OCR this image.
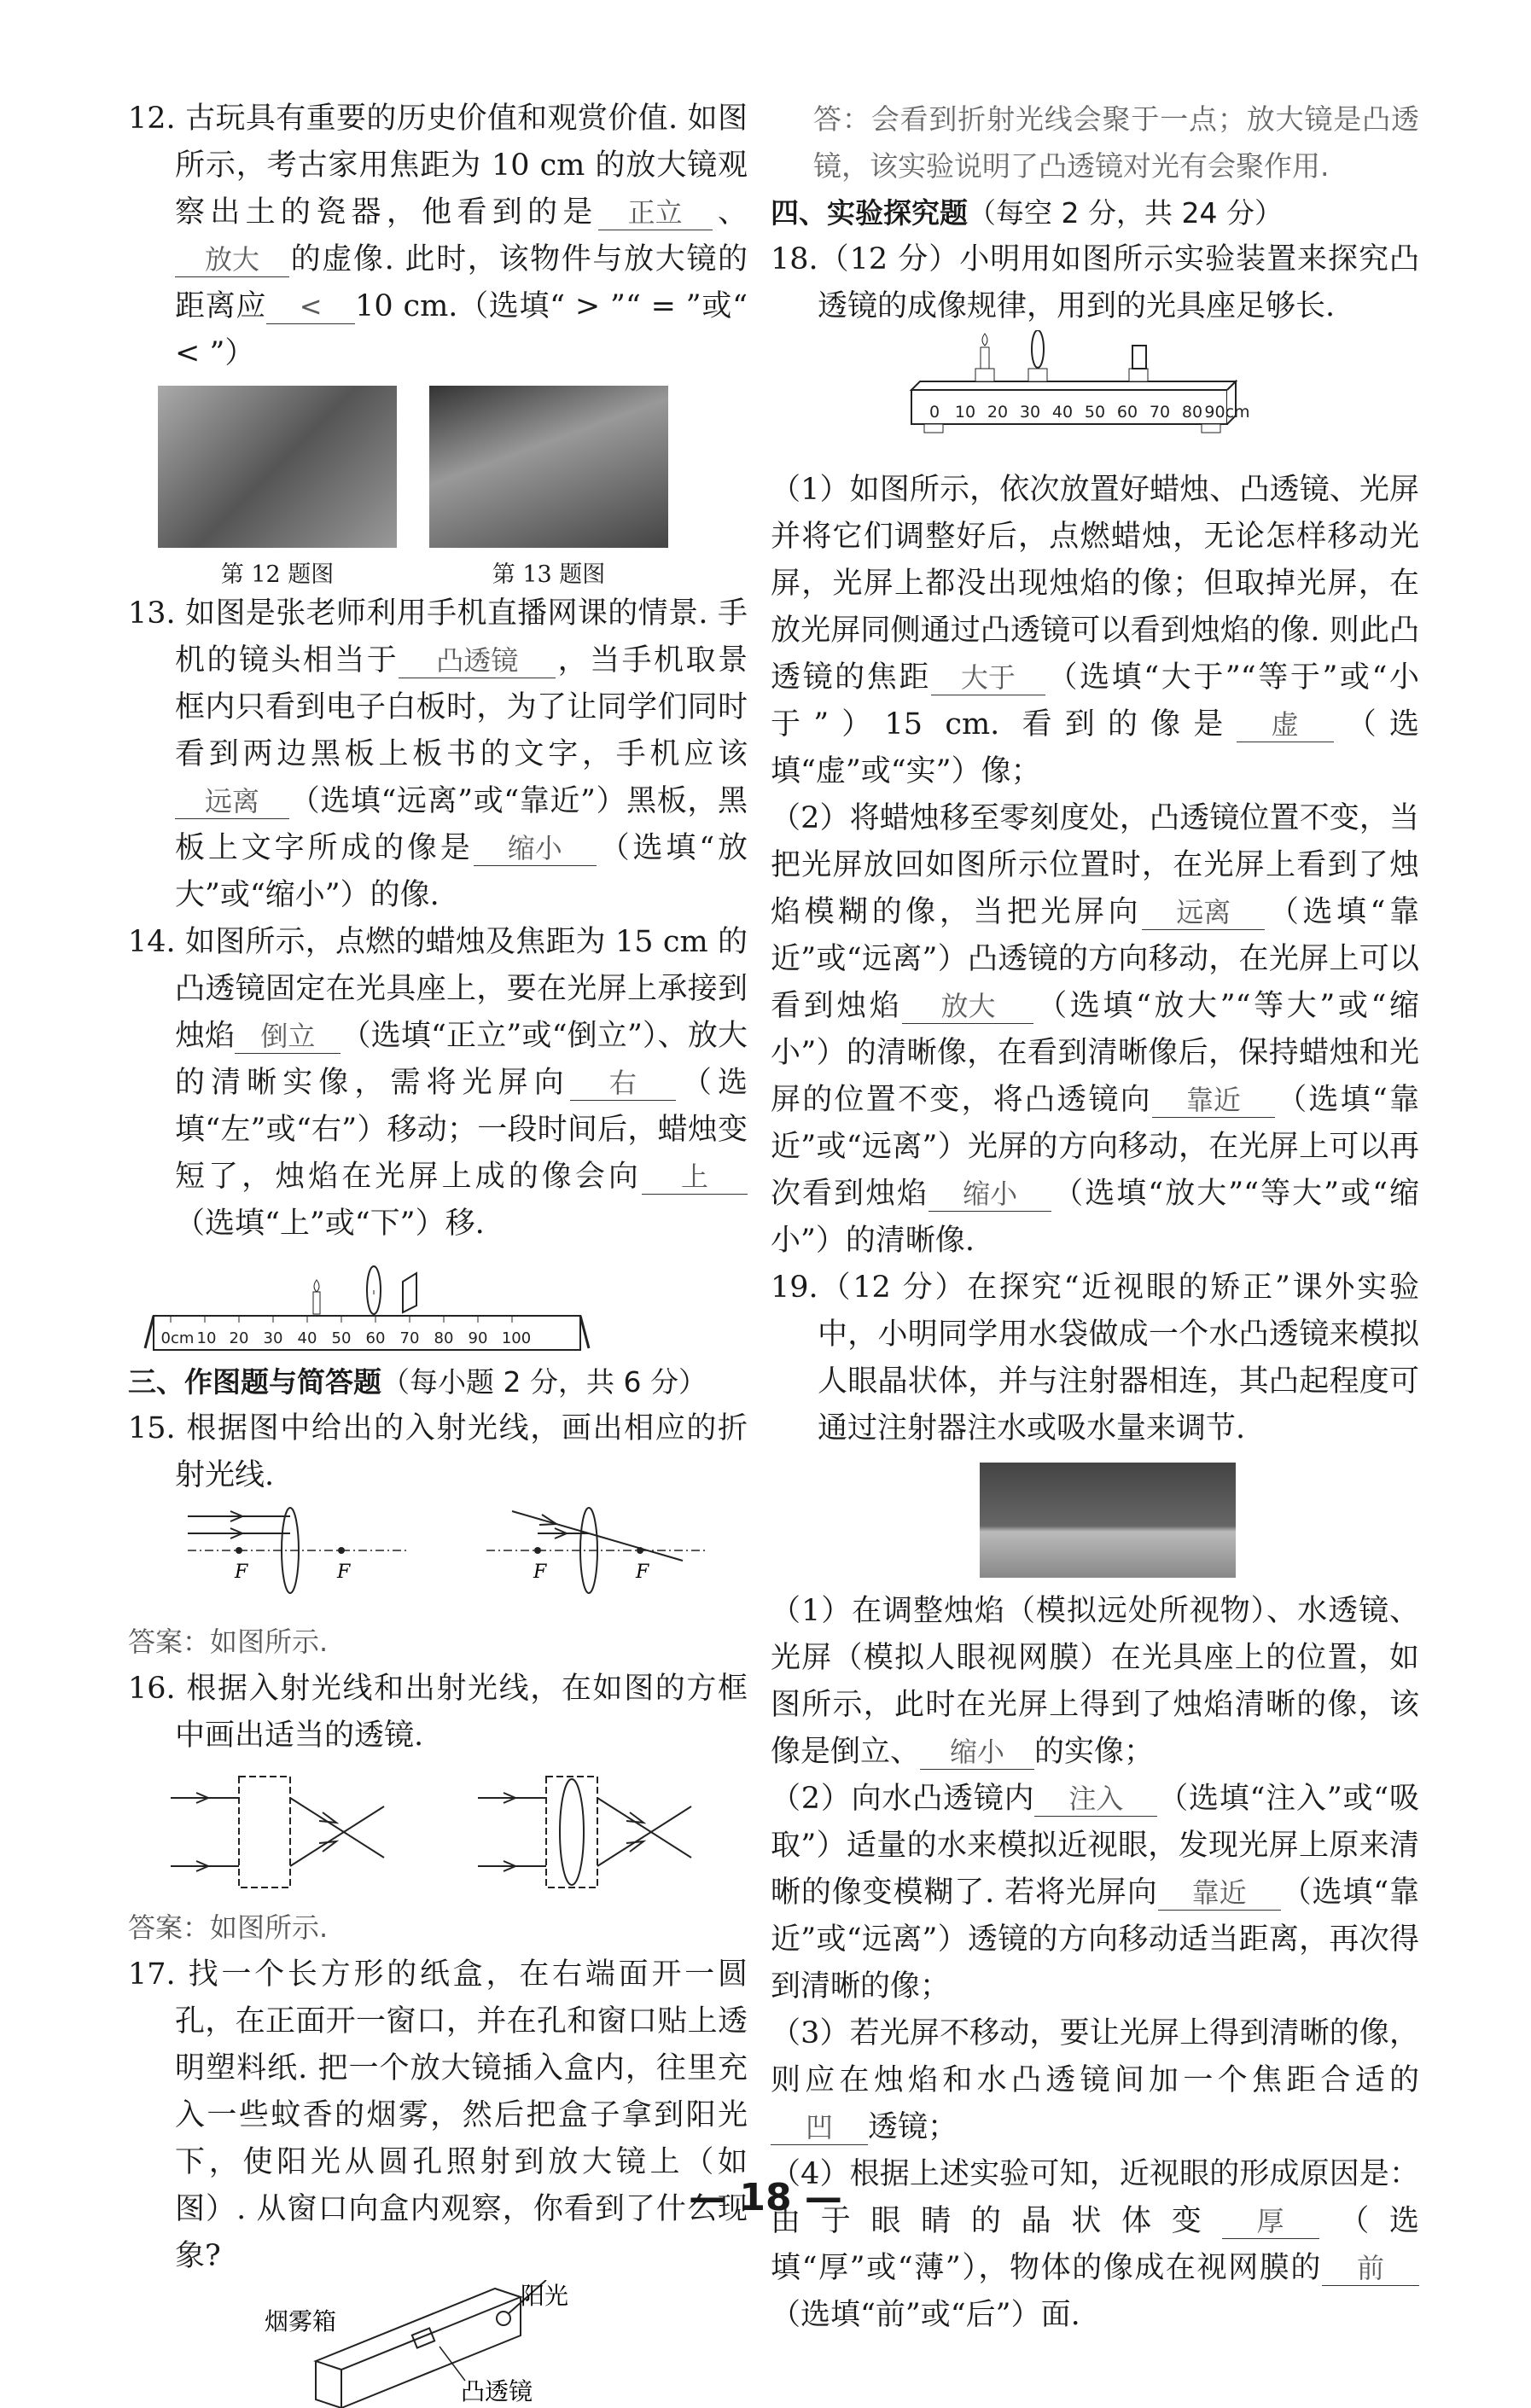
12. 古玩具有重要的历史价值和观赏价值. 如图所示，考古家用焦距为 10 cm 的放大镜观察出土的瓷器，他看到的是 正立 、放大 的虚像. 此时，该物件与放大镜的距离应 < 10 cm.（选填“ > ”“ = ”或“ < ”）

第 12 题图	第 13 题图

13. 如图是张老师利用手机直播网课的情景. 手机的镜头相当于 凸透镜 ，当手机取景框内只看到电子白板时，为了让同学们同时看到两边黑板上板书的文字，手机应该远离 （选填“远离”或“靠近”）黑板，黑板上文字所成的像是 缩小 （选填“放大”或“缩小”）的像.

14. 如图所示，点燃的蜡烛及焦距为 15 cm 的凸透镜固定在光具座上，要在光屏上承接到烛焰 倒立 （选填“正立”或“倒立”）、放大的清晰实像，需将光屏向 右 （选填“左”或“右”）移动；一段时间后，蜡烛变短了，烛焰在光屏上成的像会向 上（选填“上”或“下”）移.

0cm 10 20 30 40 50 60 70 80 90 100

三、作图题与简答题（每小题 2 分，共 6 分）

15. 根据图中给出的入射光线，画出相应的折射光线.

F	F	F	F

答案：如图所示.

16. 根据入射光线和出射光线，在如图的方框中画出适当的透镜.

答案：如图所示.

17. 找一个长方形的纸盒，在右端面开一圆孔，在正面开一窗口，并在孔和窗口贴上透明塑料纸. 把一个放大镜插入盒内，往里充入一些蚊香的烟雾，然后把盒子拿到阳光下，使阳光从圆孔照射到放大镜上（如图）. 从窗口向盒内观察，你看到了什么现象?

烟雾箱
阳光
凸透镜

答：会看到折射光线会聚于一点；放大镜是凸透镜，该实验说明了凸透镜对光有会聚作用.

四、实验探究题（每空 2 分，共 24 分）

18.（12 分）小明用如图所示实验装置来探究凸透镜的成像规律，用到的光具座足够长.

0 10 20 30 40 50 60 70 80 90cm

（1）如图所示，依次放置好蜡烛、凸透镜、光屏并将它们调整好后，点燃蜡烛，无论怎样移动光屏，光屏上都没出现烛焰的像；但取掉光屏，在放光屏同侧通过凸透镜可以看到烛焰的像. 则此凸透镜的焦距 大于 （选填“大于”“等于”或“小于”）15 cm. 看到的像是 虚 （选填“虚”或“实”）像；

（2）将蜡烛移至零刻度处，凸透镜位置不变，当把光屏放回如图所示位置时，在光屏上看到了烛焰模糊的像，当把光屏向 远离 （选填“靠近”或“远离”）凸透镜的方向移动，在光屏上可以看到烛焰 放大 （选填“放大”“等大”或“缩小”）的清晰像，在看到清晰像后，保持蜡烛和光屏的位置不变，将凸透镜向 靠近 （选填“靠近”或“远离”）光屏的方向移动，在光屏上可以再次看到烛焰 缩小 （选填“放大”“等大”或“缩小”）的清晰像.

19.（12 分）在探究“近视眼的矫正”课外实验中，小明同学用水袋做成一个水凸透镜来模拟人眼晶状体，并与注射器相连，其凸起程度可通过注射器注水或吸水量来调节.

（1）在调整烛焰（模拟远处所视物）、水透镜、光屏（模拟人眼视网膜）在光具座上的位置，如图所示，此时在光屏上得到了烛焰清晰的像，该像是倒立、 缩小 的实像；

（2）向水凸透镜内 注入 （选填“注入”或“吸取”）适量的水来模拟近视眼，发现光屏上原来清晰的像变模糊了. 若将光屏向 靠近 （选填“靠近”或“远离”）透镜的方向移动适当距离，再次得到清晰的像；

（3）若光屏不移动，要让光屏上得到清晰的像，则应在烛焰和水凸透镜间加一个焦距合适的凹 透镜；

（4）根据上述实验可知，近视眼的形成原因是：由于眼睛的晶状体变 厚 （选填“厚”或“薄”），物体的像成在视网膜的 前（选填“前”或“后”）面.

— 18 —
